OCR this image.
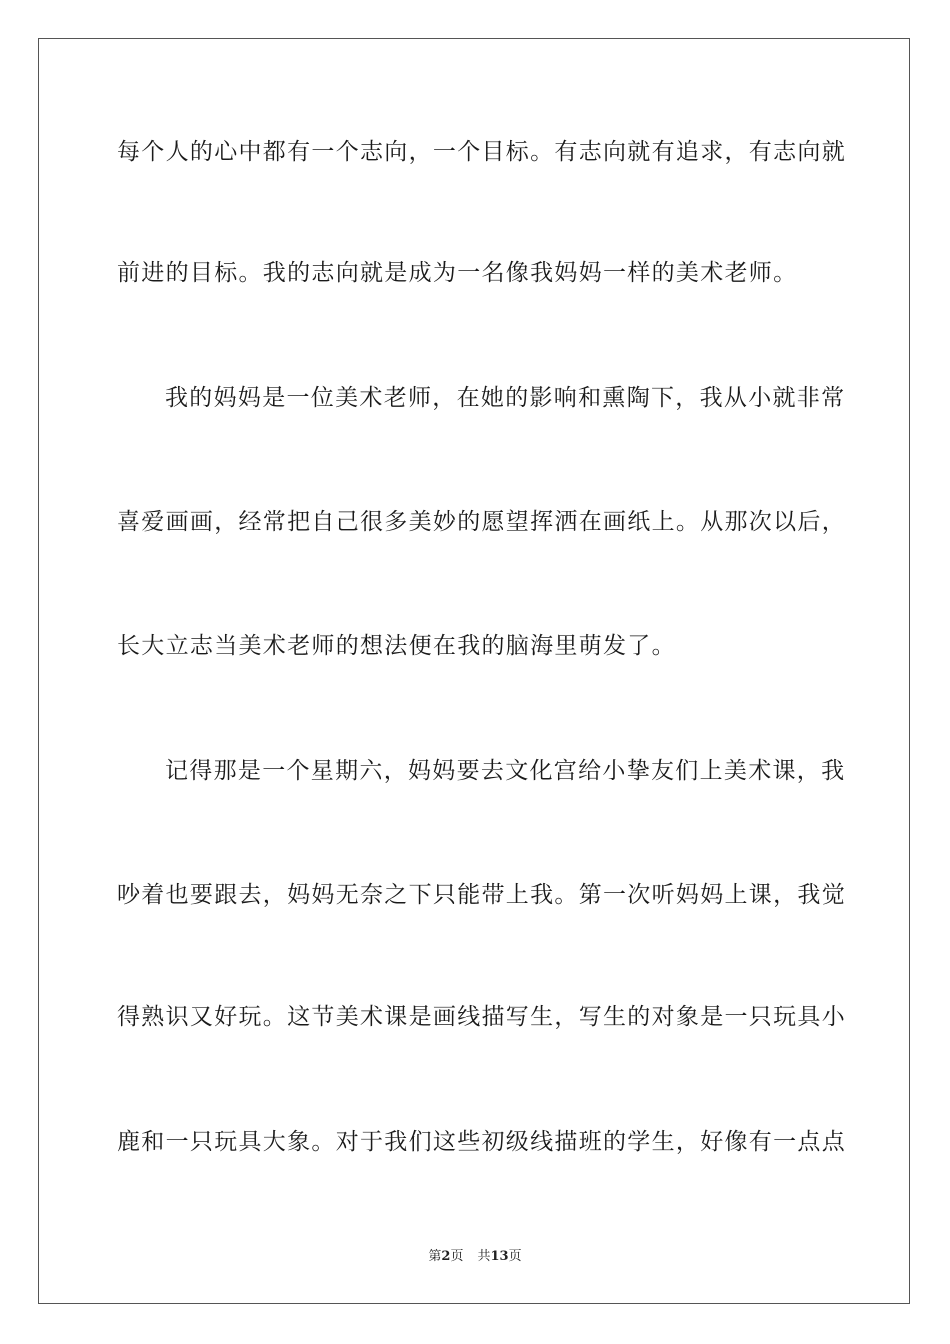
每个人的心中都有一个志向，一个目标。有志向就有追求，有志向就
前进的目标。我的志向就是成为一名像我妈妈一样的美术老师。
我的妈妈是一位美术老师，在她的影响和熏陶下，我从小就非常
喜爱画画，经常把自己很多美妙的愿望挥洒在画纸上。从那次以后，
长大立志当美术老师的想法便在我的脑海里萌发了。
记得那是一个星期六，妈妈要去文化宫给小挚友们上美术课，我
吵着也要跟去，妈妈无奈之下只能带上我。第一次听妈妈上课，我觉
得熟识又好玩。这节美术课是画线描写生，写生的对象是一只玩具小
鹿和一只玩具大象。对于我们这些初级线描班的学生，好像有一点点
第2页 共13页
